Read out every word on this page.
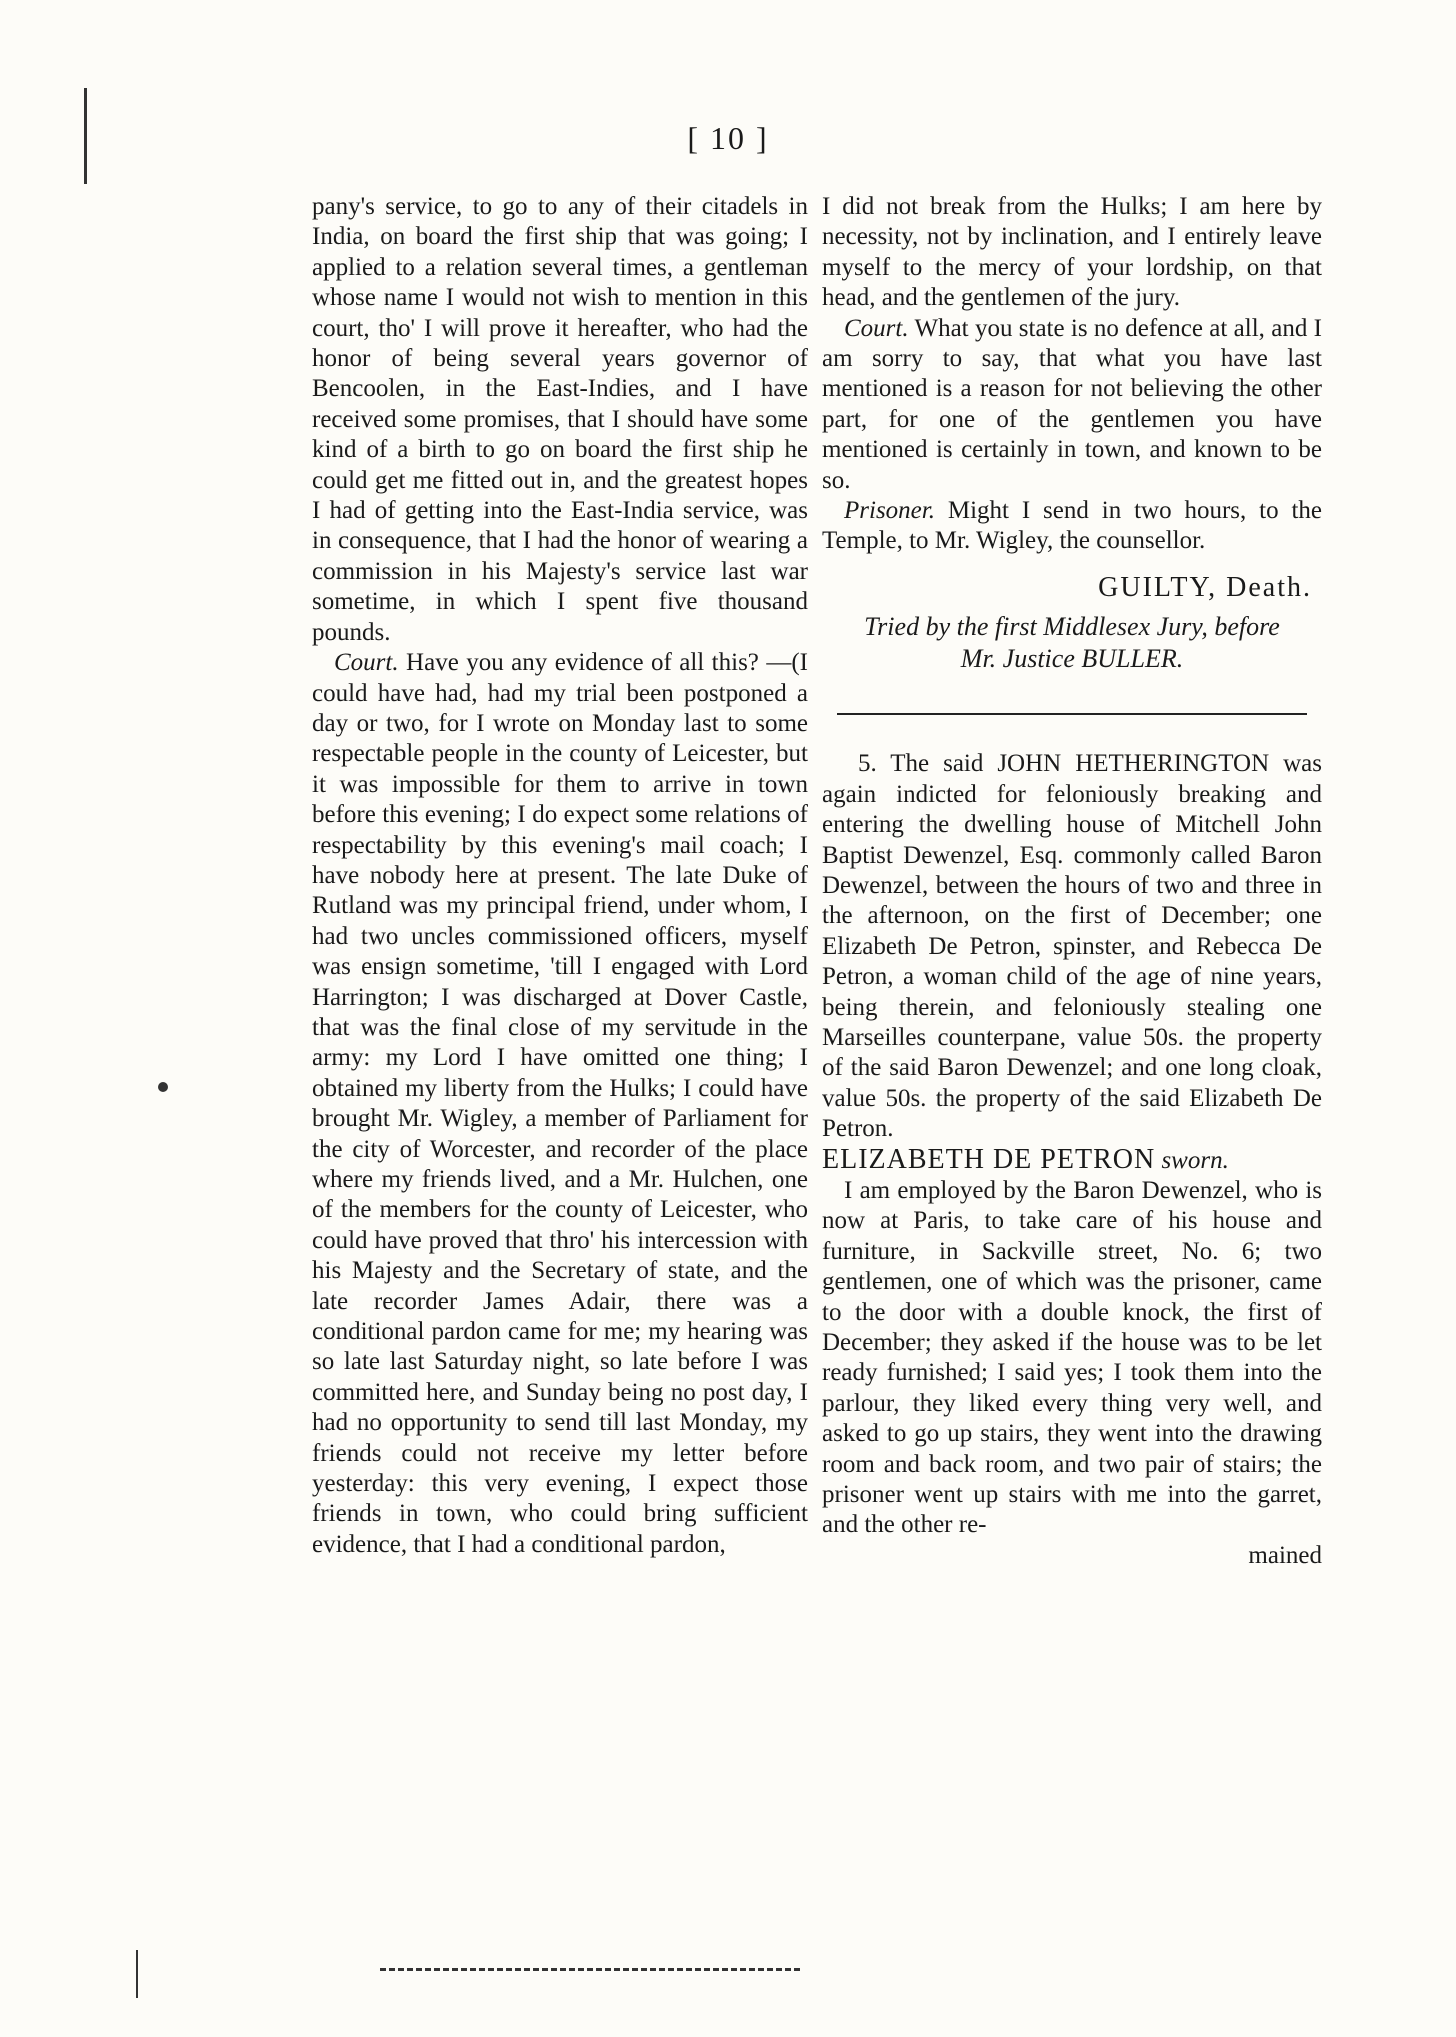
[ 10 ]

pany's service, to go to any of their citadels in India, on board the first ship that was going; I applied to a relation several times, a gentleman whose name I would not wish to mention in this court, tho' I will prove it hereafter, who had the honor of being several years governor of Bencoolen, in the East-Indies, and I have received some promises, that I should have some kind of a birth to go on board the first ship he could get me fitted out in, and the greatest hopes I had of getting into the East-India service, was in consequence, that I had the honor of wearing a commission in his Majesty's service last war sometime, in which I spent five thousand pounds.

Court. Have you any evidence of all this? —(I could have had, had my trial been postponed a day or two, for I wrote on Monday last to some respectable people in the county of Leicester, but it was impossible for them to arrive in town before this evening; I do expect some relations of respectability by this evening's mail coach; I have nobody here at present. The late Duke of Rutland was my principal friend, under whom, I had two uncles commissioned officers, myself was ensign sometime, 'till I engaged with Lord Harrington; I was discharged at Dover Castle, that was the final close of my servitude in the army: my Lord I have omitted one thing; I obtained my liberty from the Hulks; I could have brought Mr. Wigley, a member of Parliament for the city of Worcester, and recorder of the place where my friends lived, and a Mr. Hulchen, one of the members for the county of Leicester, who could have proved that thro' his intercession with his Majesty and the Secretary of state, and the late recorder James Adair, there was a conditional pardon came for me; my hearing was so late last Saturday night, so late before I was committed here, and Sunday being no post day, I had no opportunity to send till last Monday, my friends could not receive my letter before yesterday: this very evening, I expect those friends in town, who could bring sufficient evidence, that I had a conditional pardon,

I did not break from the Hulks; I am here by necessity, not by inclination, and I entirely leave myself to the mercy of your lordship, on that head, and the gentlemen of the jury.

Court. What you state is no defence at all, and I am sorry to say, that what you have last mentioned is a reason for not believing the other part, for one of the gentlemen you have mentioned is certainly in town, and known to be so.

Prisoner. Might I send in two hours, to the Temple, to Mr. Wigley, the counsellor.

GUILTY, Death.
Tried by the first Middlesex Jury, before
Mr. Justice BULLER.

5. The said JOHN HETHERINGTON was again indicted for feloniously breaking and entering the dwelling house of Mitchell John Baptist Dewenzel, Esq. commonly called Baron Dewenzel, between the hours of two and three in the afternoon, on the first of December; one Elizabeth De Petron, spinster, and Rebecca De Petron, a woman child of the age of nine years, being therein, and feloniously stealing one Marseilles counterpane, value 50s. the property of the said Baron Dewenzel; and one long cloak, value 50s. the property of the said Elizabeth De Petron.

ELIZABETH DE PETRON sworn.

I am employed by the Baron Dewenzel, who is now at Paris, to take care of his house and furniture, in Sackville street, No. 6; two gentlemen, one of which was the prisoner, came to the door with a double knock, the first of December; they asked if the house was to be let ready furnished; I said yes; I took them into the parlour, they liked every thing very well, and asked to go up stairs, they went into the drawing room and back room, and two pair of stairs; the prisoner went up stairs with me into the garret, and the other re-

mained
